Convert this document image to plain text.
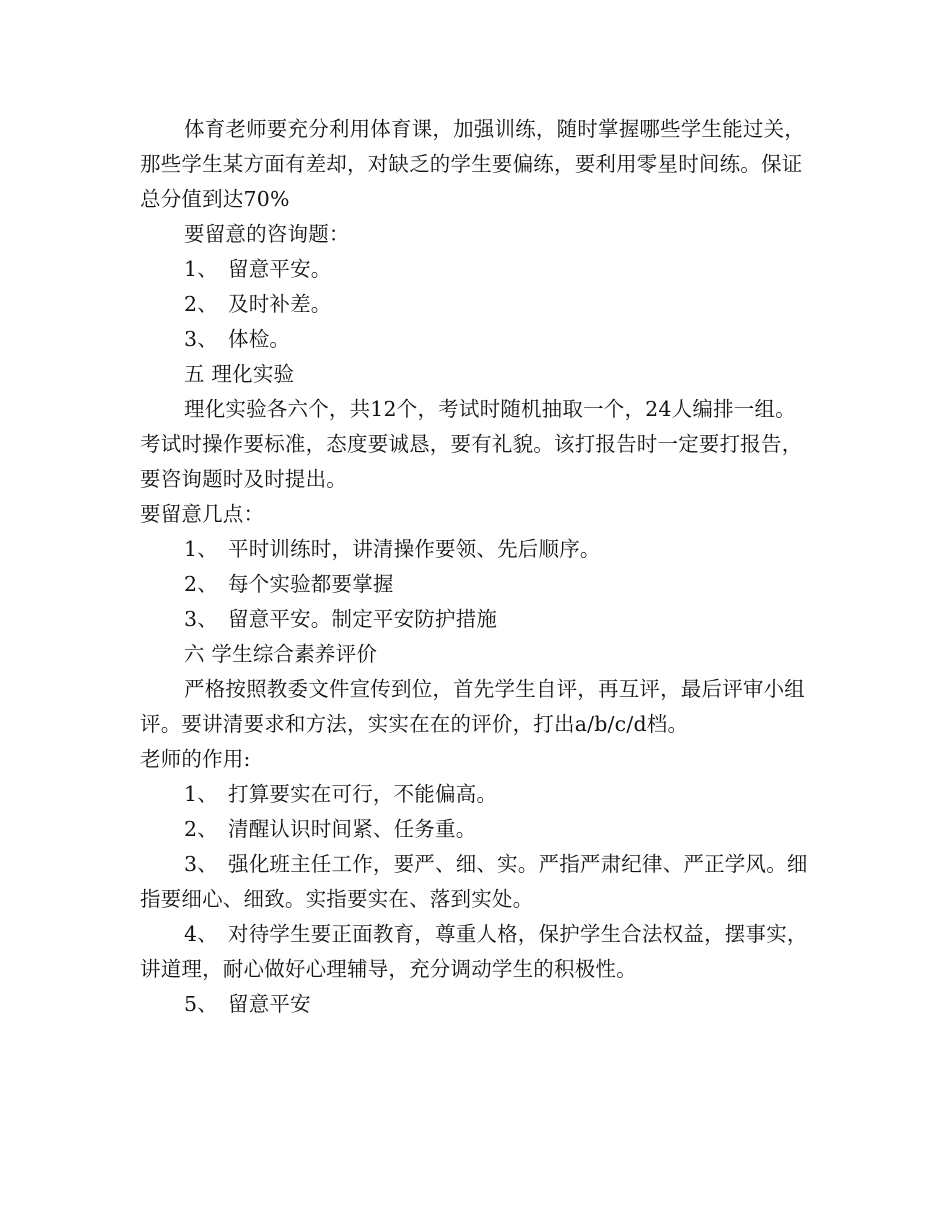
体育老师要充分利用体育课，加强训练，随时掌握哪些学生能过关，那些学生某方面有差却，对缺乏的学生要偏练，要利用零星时间练。保证总分值到达70%

要留意的咨询题：

1、 留意平安。

2、 及时补差。

3、 体检。

五 理化实验

理化实验各六个，共12个，考试时随机抽取一个，24人编排一组。考试时操作要标准，态度要诚恳，要有礼貌。该打报告时一定要打报告，要咨询题时及时提出。

要留意几点：

1、 平时训练时，讲清操作要领、先后顺序。

2、 每个实验都要掌握

3、 留意平安。制定平安防护措施

六 学生综合素养评价

严格按照教委文件宣传到位，首先学生自评，再互评，最后评审小组评。要讲清要求和方法，实实在在的评价，打出a/b/c/d档。

老师的作用:

1、 打算要实在可行，不能偏高。

2、 清醒认识时间紧、任务重。

3、 强化班主任工作，要严、细、实。严指严肃纪律、严正学风。细指要细心、细致。实指要实在、落到实处。

4、 对待学生要正面教育，尊重人格，保护学生合法权益，摆事实，讲道理，耐心做好心理辅导，充分调动学生的积极性。

5、 留意平安
